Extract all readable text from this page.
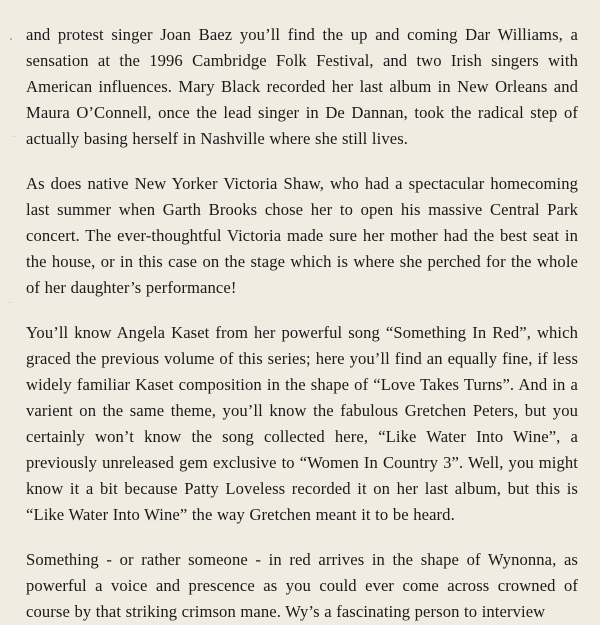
and protest singer Joan Baez you’ll find the up and coming Dar Williams, a sensation at the 1996 Cambridge Folk Festival, and two Irish singers with American influences. Mary Black recorded her last album in New Orleans and Maura O’Connell, once the lead singer in De Dannan, took the radical step of actually basing herself in Nashville where she still lives.

As does native New Yorker Victoria Shaw, who had a spectacular homecoming last summer when Garth Brooks chose her to open his massive Central Park concert. The ever-thoughtful Victoria made sure her mother had the best seat in the house, or in this case on the stage which is where she perched for the whole of her daughter’s performance!

You’ll know Angela Kaset from her powerful song “Something In Red”, which graced the previous volume of this series; here you’ll find an equally fine, if less widely familiar Kaset composition in the shape of “Love Takes Turns”. And in a varient on the same theme, you’ll know the fabulous Gretchen Peters, but you certainly won’t know the song collected here, “Like Water Into Wine”, a previously unreleased gem exclusive to “Women In Country 3”. Well, you might know it a bit because Patty Loveless recorded it on her last album, but this is “Like Water Into Wine” the way Gretchen meant it to be heard.

Something - or rather someone - in red arrives in the shape of Wynonna, as powerful a voice and prescence as you could ever come across crowned of course by that striking crimson mane. Wy’s a fascinating person to interview
